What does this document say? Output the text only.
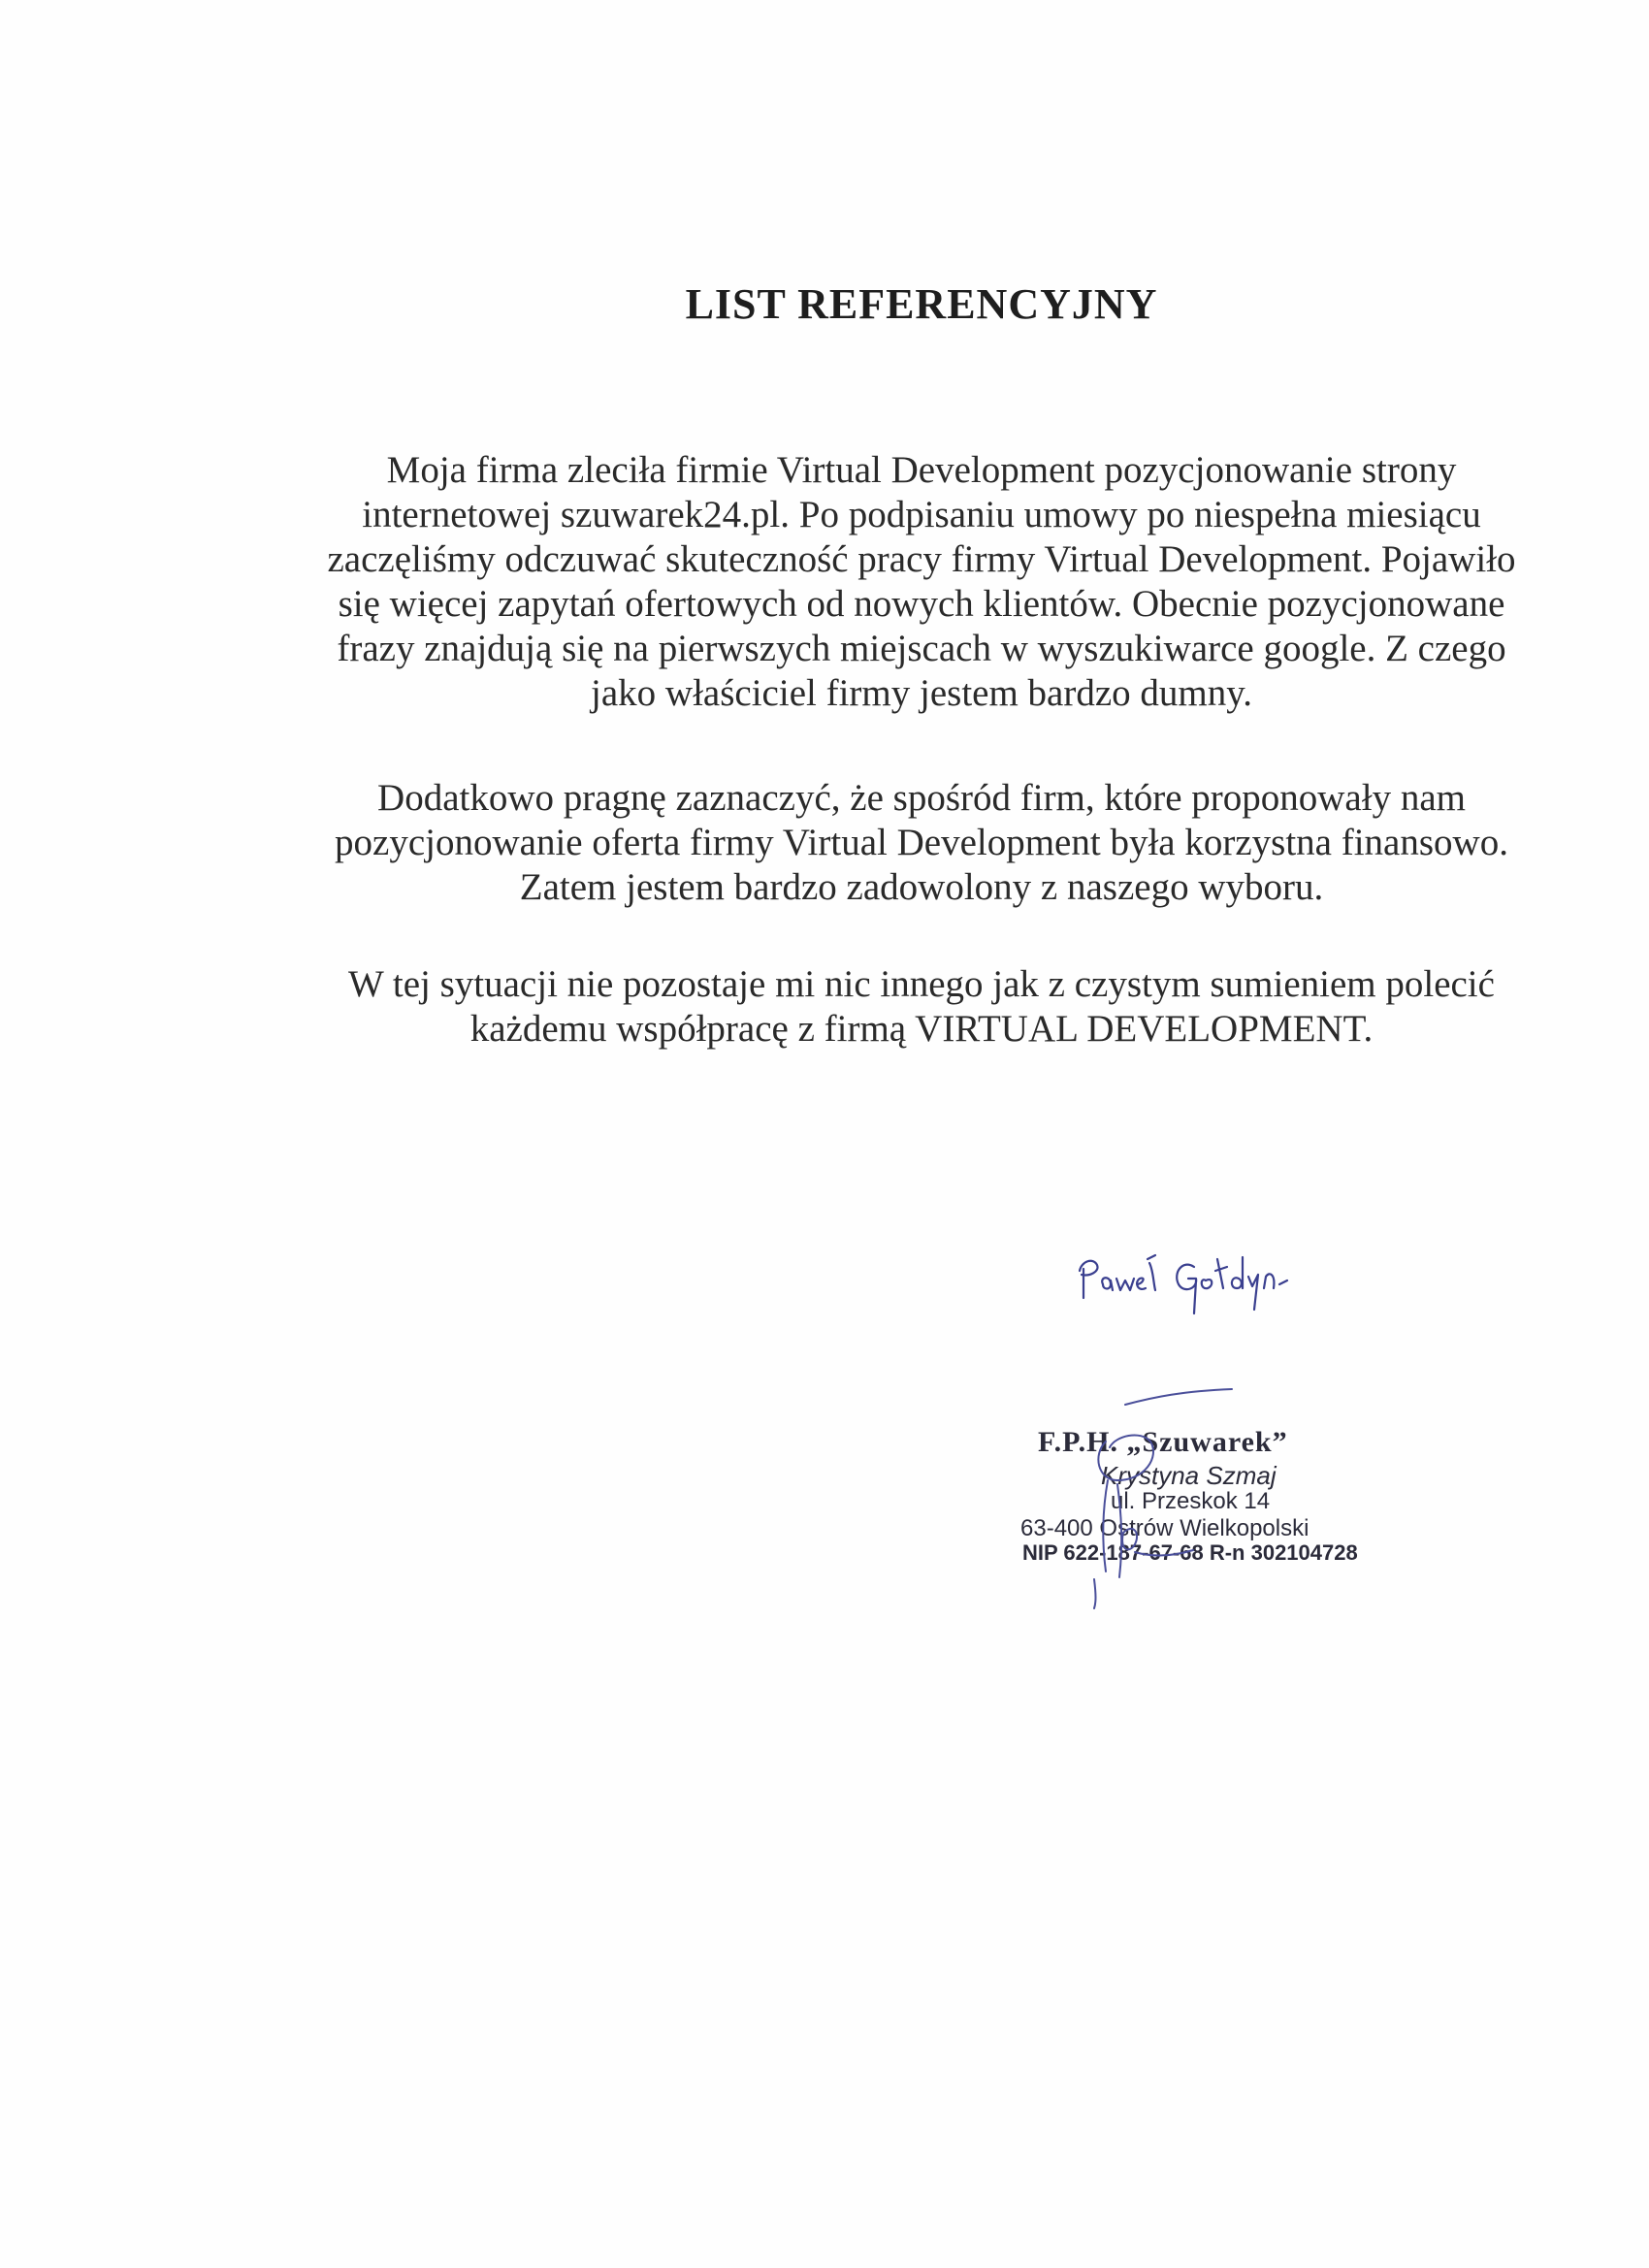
LIST REFERENCYJNY
Moja firma zleciła firmie Virtual Development pozycjonowanie strony
internetowej szuwarek24.pl. Po podpisaniu umowy po niespełna miesiącu
zaczęliśmy odczuwać skuteczność pracy firmy Virtual Development. Pojawiło
się więcej zapytań ofertowych od nowych klientów. Obecnie pozycjonowane
frazy znajdują się na pierwszych miejscach w wyszukiwarce google. Z czego
jako właściciel firmy jestem bardzo dumny.
Dodatkowo pragnę zaznaczyć, że spośród firm, które proponowały nam
pozycjonowanie oferta firmy Virtual Development była korzystna finansowo.
Zatem jestem bardzo zadowolony z naszego wyboru.
W tej sytuacji nie pozostaje mi nic innego jak z czystym sumieniem polecić
każdemu współpracę z firmą VIRTUAL DEVELOPMENT.
F.P.H. „Szuwarek”
Krystyna Szmaj
ul. Przeskok 14
63-400 Ostrów Wielkopolski
NIP 622-187-67-68 R-n 302104728
